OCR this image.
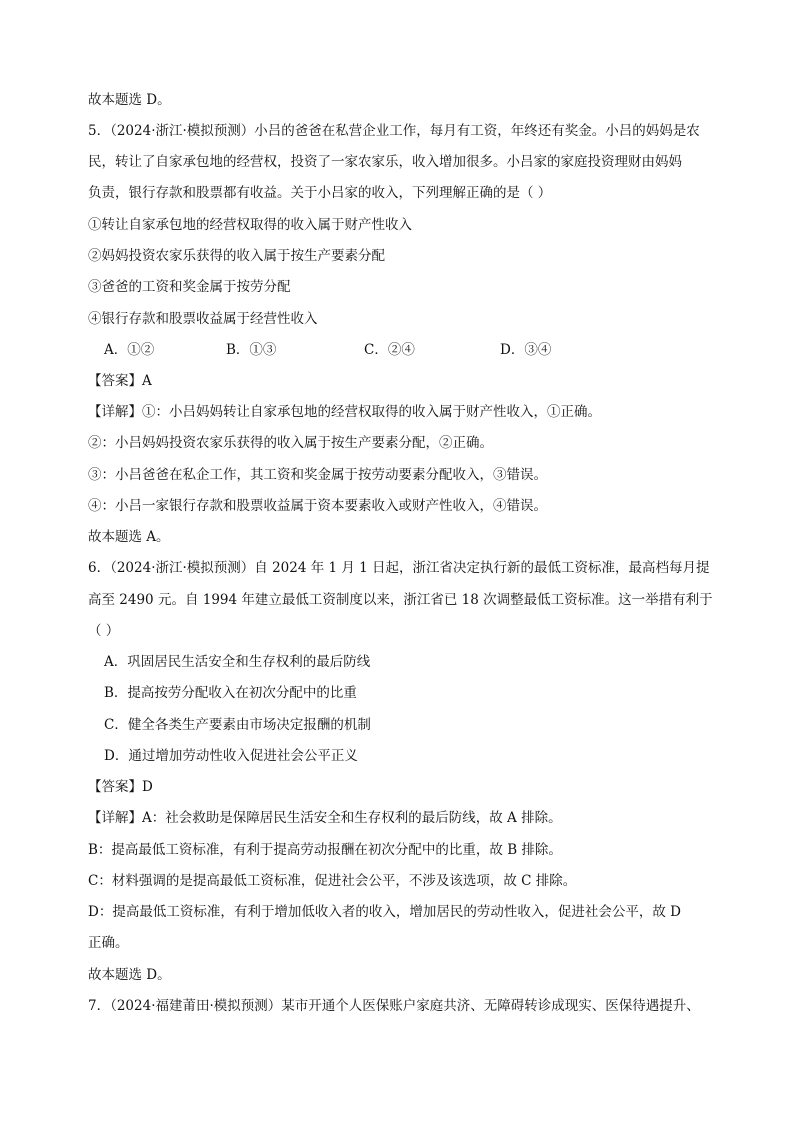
故本题选 D。
5．（2024·浙江·模拟预测）小吕的爸爸在私营企业工作，每月有工资，年终还有奖金。小吕的妈妈是农
民，转让了自家承包地的经营权，投资了一家农家乐，收入增加很多。小吕家的家庭投资理财由妈妈
负责，银行存款和股票都有收益。关于小吕家的收入，下列理解正确的是（ ）
①转让自家承包地的经营权取得的收入属于财产性收入
②妈妈投资农家乐获得的收入属于按生产要素分配
③爸爸的工资和奖金属于按劳分配
④银行存款和股票收益属于经营性收入
A．①②	B．①③	C．②④	D．③④
【答案】A
【详解】①：小吕妈妈转让自家承包地的经营权取得的收入属于财产性收入，①正确。
②：小吕妈妈投资农家乐获得的收入属于按生产要素分配，②正确。
③：小吕爸爸在私企工作，其工资和奖金属于按劳动要素分配收入，③错误。
④：小吕一家银行存款和股票收益属于资本要素收入或财产性收入，④错误。
故本题选 A。
6．（2024·浙江·模拟预测）自 2024 年 1 月 1 日起，浙江省决定执行新的最低工资标准，最高档每月提
高至 2490 元。自 1994 年建立最低工资制度以来，浙江省已 18 次调整最低工资标准。这一举措有利于
（ ）
A．巩固居民生活安全和生存权利的最后防线
B．提高按劳分配收入在初次分配中的比重
C．健全各类生产要素由市场决定报酬的机制
D．通过增加劳动性收入促进社会公平正义
【答案】D
【详解】A：社会救助是保障居民生活安全和生存权利的最后防线，故 A 排除。
B：提高最低工资标准，有利于提高劳动报酬在初次分配中的比重，故 B 排除。
C：材料强调的是提高最低工资标准，促进社会公平，不涉及该选项，故 C 排除。
D：提高最低工资标准，有利于增加低收入者的收入，增加居民的劳动性收入，促进社会公平，故 D
正确。
故本题选 D。
7．（2024·福建莆田·模拟预测）某市开通个人医保账户家庭共济、无障碍转诊成现实、医保待遇提升、
